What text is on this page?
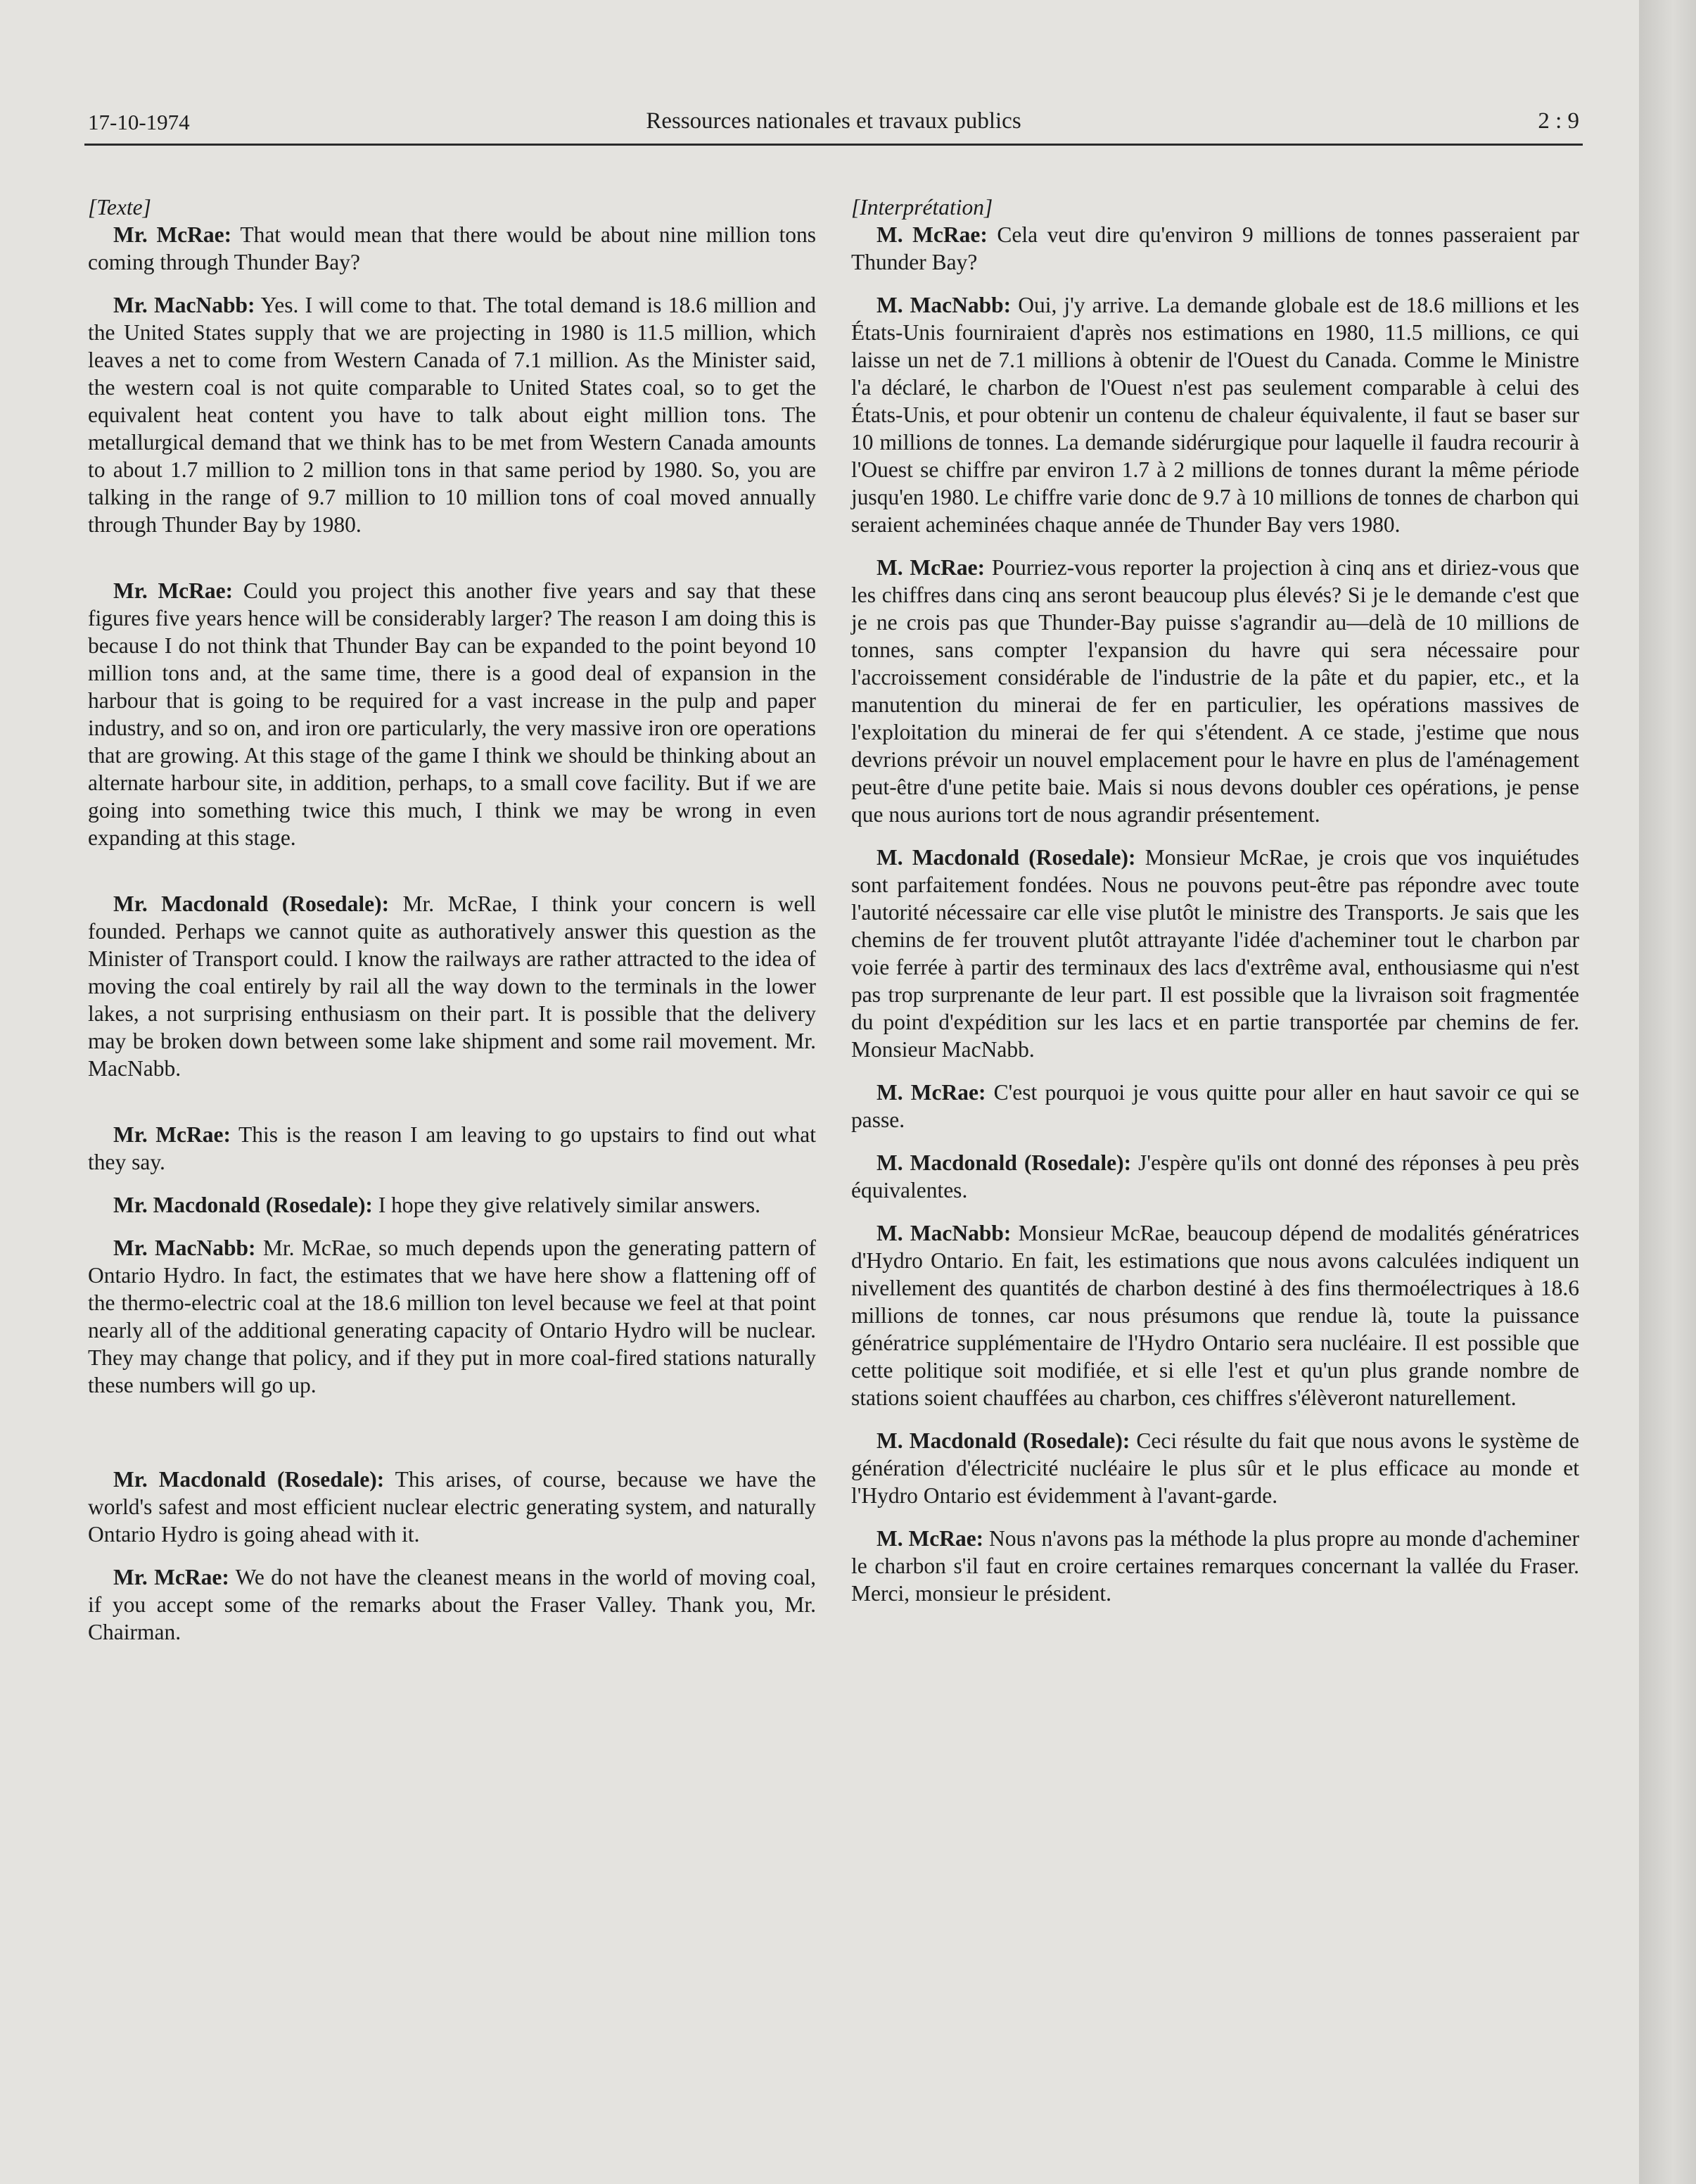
17-10-1974	Ressources nationales et travaux publics	2 : 9

[Texte]

Mr. McRae: That would mean that there would be about nine million tons coming through Thunder Bay?

Mr. MacNabb: Yes. I will come to that. The total demand is 18.6 million and the United States supply that we are projecting in 1980 is 11.5 million, which leaves a net to come from Western Canada of 7.1 million. As the Minister said, the western coal is not quite comparable to United States coal, so to get the equivalent heat content you have to talk about eight million tons. The metallurgical demand that we think has to be met from Western Canada amounts to about 1.7 million to 2 million tons in that same period by 1980. So, you are talking in the range of 9.7 million to 10 million tons of coal moved annually through Thunder Bay by 1980.

Mr. McRae: Could you project this another five years and say that these figures five years hence will be considerably larger? The reason I am doing this is because I do not think that Thunder Bay can be expanded to the point beyond 10 million tons and, at the same time, there is a good deal of expansion in the harbour that is going to be required for a vast increase in the pulp and paper industry, and so on, and iron ore particularly, the very massive iron ore operations that are growing. At this stage of the game I think we should be thinking about an alternate harbour site, in addition, perhaps, to a small cove facility. But if we are going into something twice this much, I think we may be wrong in even expanding at this stage.

Mr. Macdonald (Rosedale): Mr. McRae, I think your concern is well founded. Perhaps we cannot quite as authoratively answer this question as the Minister of Transport could. I know the railways are rather attracted to the idea of moving the coal entirely by rail all the way down to the terminals in the lower lakes, a not surprising enthusiasm on their part. It is possible that the delivery may be broken down between some lake shipment and some rail movement. Mr. MacNabb.

Mr. McRae: This is the reason I am leaving to go upstairs to find out what they say.

Mr. Macdonald (Rosedale): I hope they give relatively similar answers.

Mr. MacNabb: Mr. McRae, so much depends upon the generating pattern of Ontario Hydro. In fact, the estimates that we have here show a flattening off of the thermo-electric coal at the 18.6 million ton level because we feel at that point nearly all of the additional generating capacity of Ontario Hydro will be nuclear. They may change that policy, and if they put in more coal-fired stations naturally these numbers will go up.

Mr. Macdonald (Rosedale): This arises, of course, because we have the world's safest and most efficient nuclear electric generating system, and naturally Ontario Hydro is going ahead with it.

Mr. McRae: We do not have the cleanest means in the world of moving coal, if you accept some of the remarks about the Fraser Valley. Thank you, Mr. Chairman.

[Interprétation]

M. McRae: Cela veut dire qu'environ 9 millions de tonnes passeraient par Thunder Bay?

M. MacNabb: Oui, j'y arrive. La demande globale est de 18.6 millions et les États-Unis fourniraient d'après nos estimations en 1980, 11.5 millions, ce qui laisse un net de 7.1 millions à obtenir de l'Ouest du Canada. Comme le Ministre l'a déclaré, le charbon de l'Ouest n'est pas seulement comparable à celui des États-Unis, et pour obtenir un contenu de chaleur équivalente, il faut se baser sur 10 millions de tonnes. La demande sidérurgique pour laquelle il faudra recourir à l'Ouest se chiffre par environ 1.7 à 2 millions de tonnes durant la même période jusqu'en 1980. Le chiffre varie donc de 9.7 à 10 millions de tonnes de charbon qui seraient acheminées chaque année de Thunder Bay vers 1980.

M. McRae: Pourriez-vous reporter la projection à cinq ans et diriez-vous que les chiffres dans cinq ans seront beaucoup plus élevés? Si je le demande c'est que je ne crois pas que Thunder-Bay puisse s'agrandir au—delà de 10 millions de tonnes, sans compter l'expansion du havre qui sera nécessaire pour l'accroissement considérable de l'industrie de la pâte et du papier, etc., et la manutention du minerai de fer en particulier, les opérations massives de l'exploitation du minerai de fer qui s'étendent. A ce stade, j'estime que nous devrions prévoir un nouvel emplacement pour le havre en plus de l'aménagement peut-être d'une petite baie. Mais si nous devons doubler ces opérations, je pense que nous aurions tort de nous agrandir présentement.

M. Macdonald (Rosedale): Monsieur McRae, je crois que vos inquiétudes sont parfaitement fondées. Nous ne pouvons peut-être pas répondre avec toute l'autorité nécessaire car elle vise plutôt le ministre des Transports. Je sais que les chemins de fer trouvent plutôt attrayante l'idée d'acheminer tout le charbon par voie ferrée à partir des terminaux des lacs d'extrême aval, enthousiasme qui n'est pas trop surprenante de leur part. Il est possible que la livraison soit fragmentée du point d'expédition sur les lacs et en partie transportée par chemins de fer. Monsieur MacNabb.

M. McRae: C'est pourquoi je vous quitte pour aller en haut savoir ce qui se passe.

M. Macdonald (Rosedale): J'espère qu'ils ont donné des réponses à peu près équivalentes.

M. MacNabb: Monsieur McRae, beaucoup dépend de modalités génératrices d'Hydro Ontario. En fait, les estimations que nous avons calculées indiquent un nivellement des quantités de charbon destiné à des fins thermoélectriques à 18.6 millions de tonnes, car nous présumons que rendue là, toute la puissance génératrice supplémentaire de l'Hydro Ontario sera nucléaire. Il est possible que cette politique soit modifiée, et si elle l'est et qu'un plus grande nombre de stations soient chauffées au charbon, ces chiffres s'élèveront naturellement.

M. Macdonald (Rosedale): Ceci résulte du fait que nous avons le système de génération d'électricité nucléaire le plus sûr et le plus efficace au monde et l'Hydro Ontario est évidemment à l'avant-garde.

M. McRae: Nous n'avons pas la méthode la plus propre au monde d'acheminer le charbon s'il faut en croire certaines remarques concernant la vallée du Fraser. Merci, monsieur le président.
